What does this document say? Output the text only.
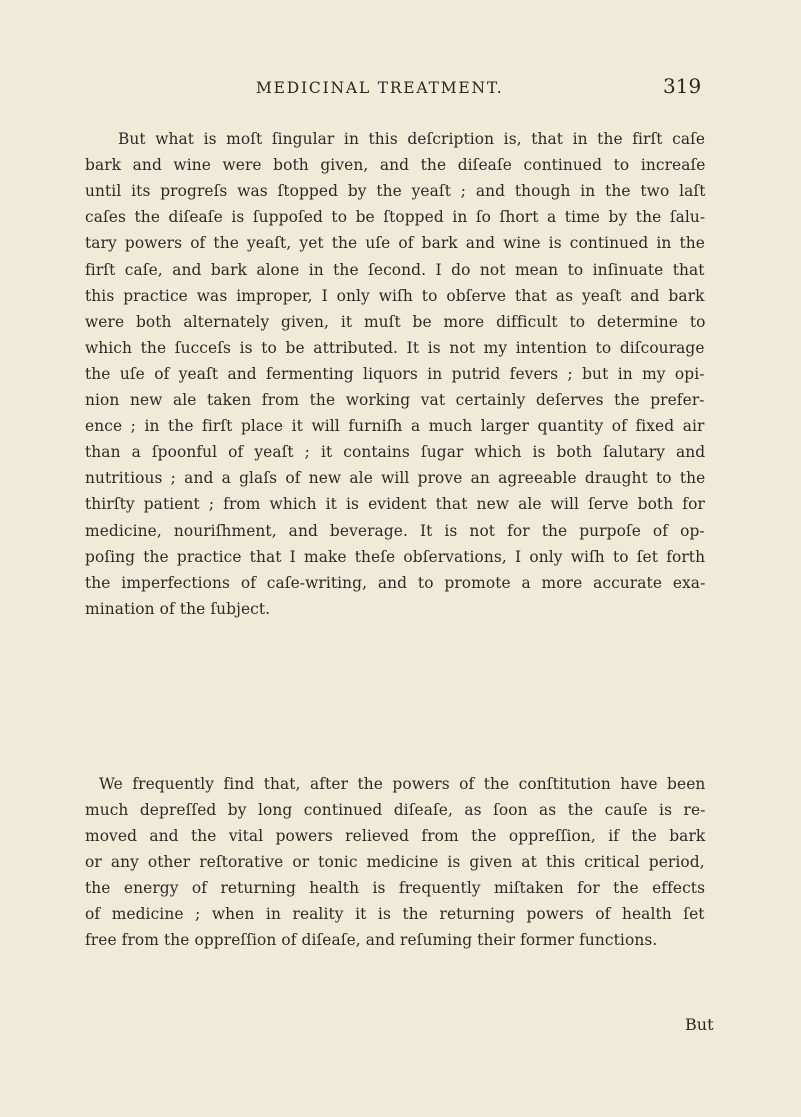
MEDICINAL TREATMENT.	319
But what is moſt ſingular in this deſcription is, that in the firſt caſe
bark and wine were both given, and the diſeaſe continued to increaſe
until its progreſs was ſtopped by the yeaſt ; and though in the two laſt
caſes the diſeaſe is ſuppoſed to be ſtopped in ſo ſhort a time by the ſalu-
tary powers of the yeaſt, yet the uſe of bark and wine is continued in the
firſt caſe, and bark alone in the ſecond. I do not mean to inſinuate that
this practice was improper, I only wiſh to obſerve that as yeaſt and bark
were both alternately given, it muſt be more difficult to determine to
which the ſucceſs is to be attributed. It is not my intention to diſcourage
the uſe of yeaſt and fermenting liquors in putrid fevers ; but in my opi-
nion new ale taken from the working vat certainly deſerves the prefer-
ence ; in the firſt place it will furniſh a much larger quantity of fixed air
than a ſpoonful of yeaſt ; it contains ſugar which is both ſalutary and
nutritious ; and a glaſs of new ale will prove an agreeable draught to the
thirſty patient ; from which it is evident that new ale will ſerve both for
medicine, nouriſhment, and beverage. It is not for the purpoſe of op-
poſing the practice that I make theſe obſervations, I only wiſh to ſet forth
the imperfections of caſe-writing, and to promote a more accurate exa-
mination of the ſubject.
We frequently find that, after the powers of the conſtitution have been
much depreſſed by long continued diſeaſe, as ſoon as the cauſe is re-
moved and the vital powers relieved from the oppreſſion, if the bark
or any other reſtorative or tonic medicine is given at this critical period,
the energy of returning health is frequently miſtaken for the effects
of medicine ; when in reality it is the returning powers of health ſet
free from the oppreſſion of diſeaſe, and reſuming their former functions.
But
